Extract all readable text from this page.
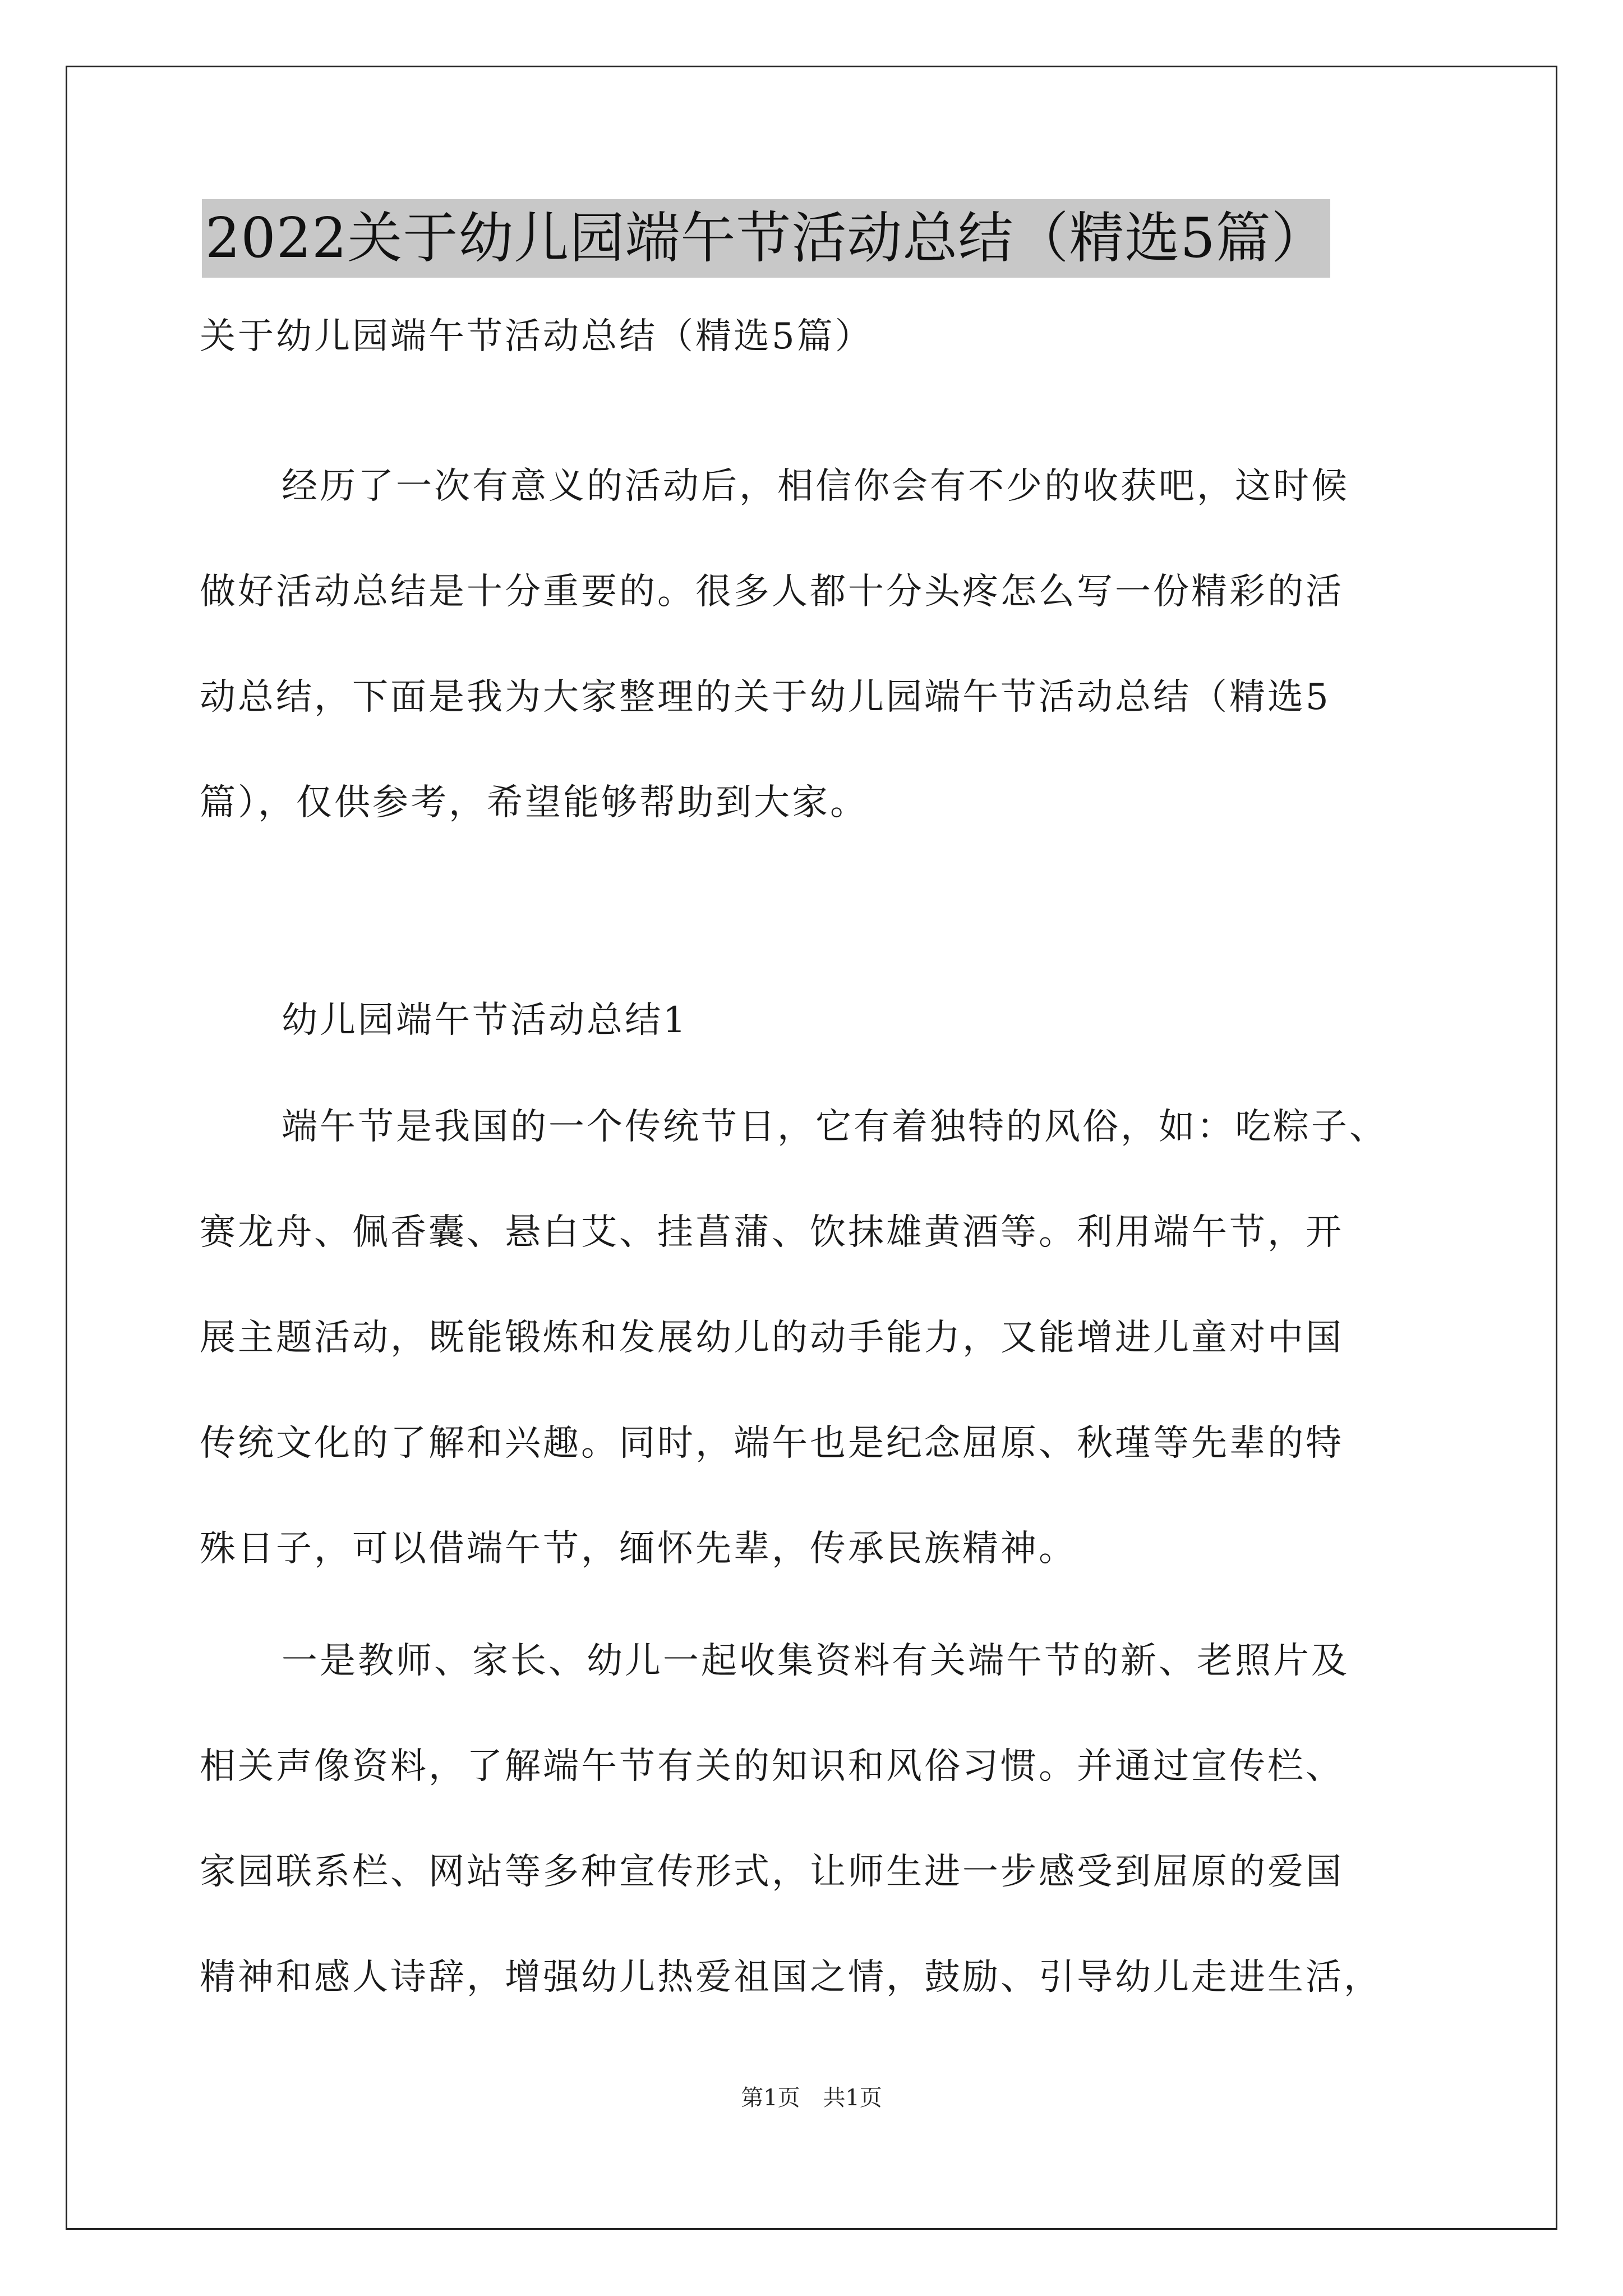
2022关于幼儿园端午节活动总结（精选5篇）
关于幼儿园端午节活动总结（精选5篇）
经历了一次有意义的活动后，相信你会有不少的收获吧，这时候
做好活动总结是十分重要的。很多人都十分头疼怎么写一份精彩的活
动总结，下面是我为大家整理的关于幼儿园端午节活动总结（精选5
篇），仅供参考，希望能够帮助到大家。
幼儿园端午节活动总结1
端午节是我国的一个传统节日，它有着独特的风俗，如：吃粽子、
赛龙舟、佩香囊、悬白艾、挂菖蒲、饮抹雄黄酒等。利用端午节，开
展主题活动，既能锻炼和发展幼儿的动手能力，又能增进儿童对中国
传统文化的了解和兴趣。同时，端午也是纪念屈原、秋瑾等先辈的特
殊日子，可以借端午节，缅怀先辈，传承民族精神。
一是教师、家长、幼儿一起收集资料有关端午节的新、老照片及
相关声像资料，了解端午节有关的知识和风俗习惯。并通过宣传栏、
家园联系栏、网站等多种宣传形式，让师生进一步感受到屈原的爱国
精神和感人诗辞，增强幼儿热爱祖国之情，鼓励、引导幼儿走进生活，
第1页 共1页
